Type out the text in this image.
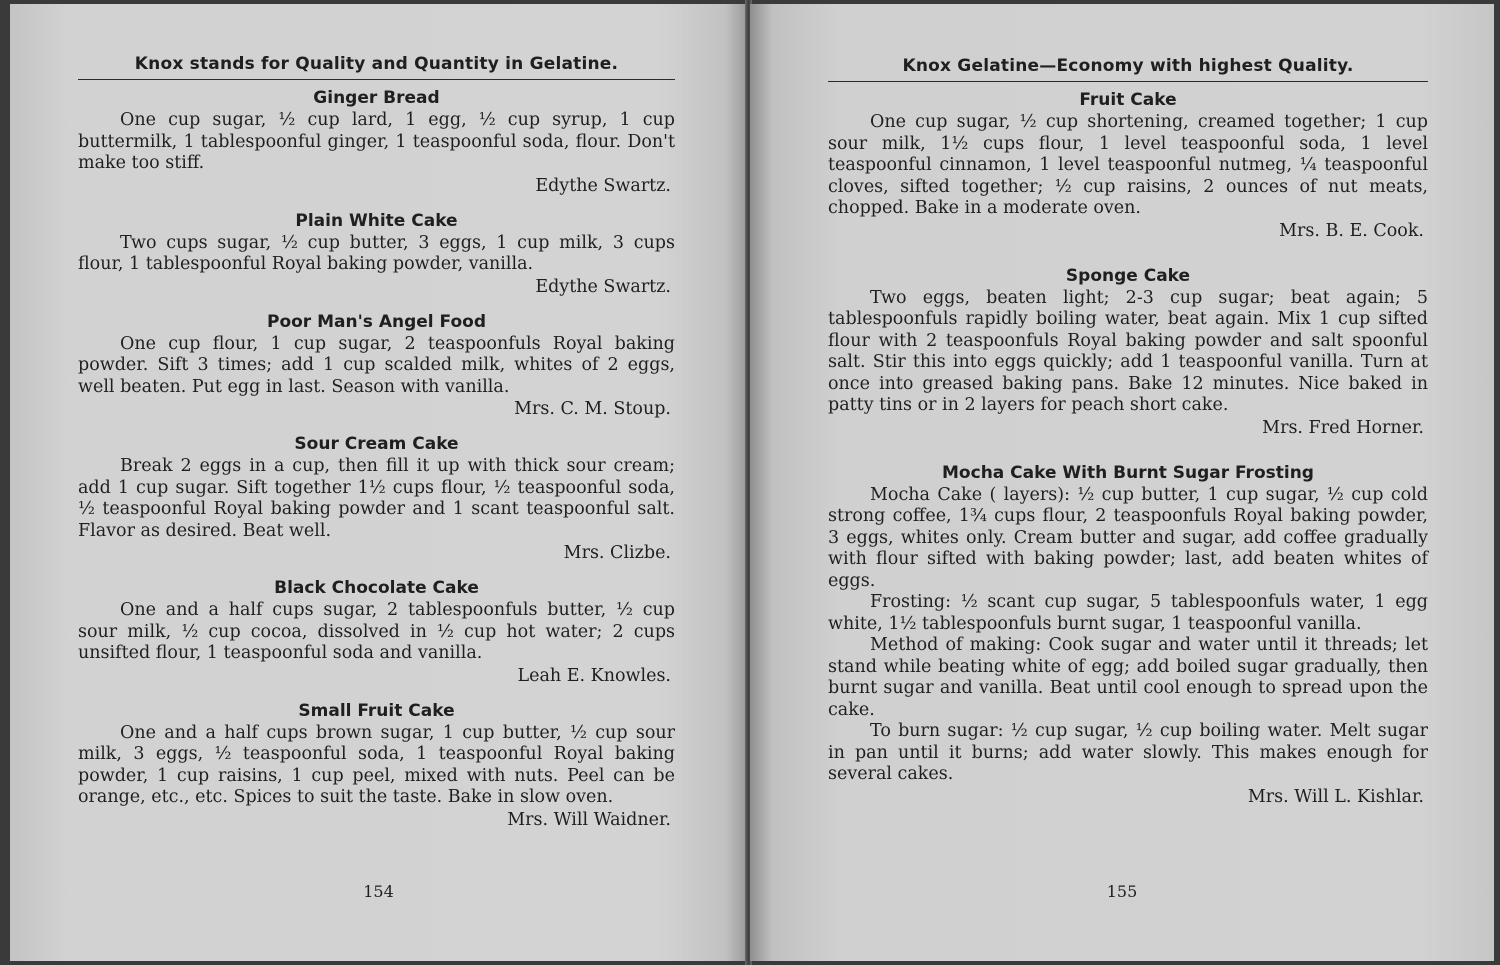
Knox stands for Quality and Quantity in Gelatine.
Ginger Bread

One cup sugar, ½ cup lard, 1 egg, ½ cup syrup, 1 cup buttermilk, 1 tablespoonful ginger, 1 teaspoonful soda, flour. Don't make too stiff.

Edythe Swartz.
Plain White Cake

Two cups sugar, ½ cup butter, 3 eggs, 1 cup milk, 3 cups flour, 1 tablespoonful Royal baking powder, vanilla.

Edythe Swartz.
Poor Man's Angel Food

One cup flour, 1 cup sugar, 2 teaspoonfuls Royal baking powder. Sift 3 times; add 1 cup scalded milk, whites of 2 eggs, well beaten. Put egg in last. Season with vanilla.

Mrs. C. M. Stoup.
Sour Cream Cake

Break 2 eggs in a cup, then fill it up with thick sour cream; add 1 cup sugar. Sift together 1½ cups flour, ½ teaspoonful soda, ½ teaspoonful Royal baking powder and 1 scant teaspoonful salt. Flavor as desired. Beat well.

Mrs. Clizbe.
Black Chocolate Cake

One and a half cups sugar, 2 tablespoonfuls butter, ½ cup sour milk, ½ cup cocoa, dissolved in ½ cup hot water; 2 cups unsifted flour, 1 teaspoonful soda and vanilla.

Leah E. Knowles.
Small Fruit Cake

One and a half cups brown sugar, 1 cup butter, ½ cup sour milk, 3 eggs, ½ teaspoonful soda, 1 teaspoonful Royal baking powder, 1 cup raisins, 1 cup peel, mixed with nuts. Peel can be orange, etc., etc. Spices to suit the taste. Bake in slow oven.

Mrs. Will Waidner.
154
Knox Gelatine—Economy with highest Quality.
Fruit Cake

One cup sugar, ½ cup shortening, creamed together; 1 cup sour milk, 1½ cups flour, 1 level teaspoonful soda, 1 level teaspoonful cinnamon, 1 level teaspoonful nutmeg, ¼ teaspoonful cloves, sifted together; ½ cup raisins, 2 ounces of nut meats, chopped. Bake in a moderate oven.

Mrs. B. E. Cook.
Sponge Cake

Two eggs, beaten light; 2-3 cup sugar; beat again; 5 tablespoonfuls rapidly boiling water, beat again. Mix 1 cup sifted flour with 2 teaspoonfuls Royal baking powder and salt spoonful salt. Stir this into eggs quickly; add 1 teaspoonful vanilla. Turn at once into greased baking pans. Bake 12 minutes. Nice baked in patty tins or in 2 layers for peach short cake.

Mrs. Fred Horner.
Mocha Cake With Burnt Sugar Frosting

Mocha Cake ( layers): ½ cup butter, 1 cup sugar, ½ cup cold strong coffee, 1¾ cups flour, 2 teaspoonfuls Royal baking powder, 3 eggs, whites only. Cream butter and sugar, add coffee gradually with flour sifted with baking powder; last, add beaten whites of eggs.

Frosting: ½ scant cup sugar, 5 tablespoonfuls water, 1 egg white, 1½ tablespoonfuls burnt sugar, 1 teaspoonful vanilla.

Method of making: Cook sugar and water until it threads; let stand while beating white of egg; add boiled sugar gradually, then burnt sugar and vanilla. Beat until cool enough to spread upon the cake.

To burn sugar: ½ cup sugar, ½ cup boiling water. Melt sugar in pan until it burns; add water slowly. This makes enough for several cakes.

Mrs. Will L. Kishlar.
155
